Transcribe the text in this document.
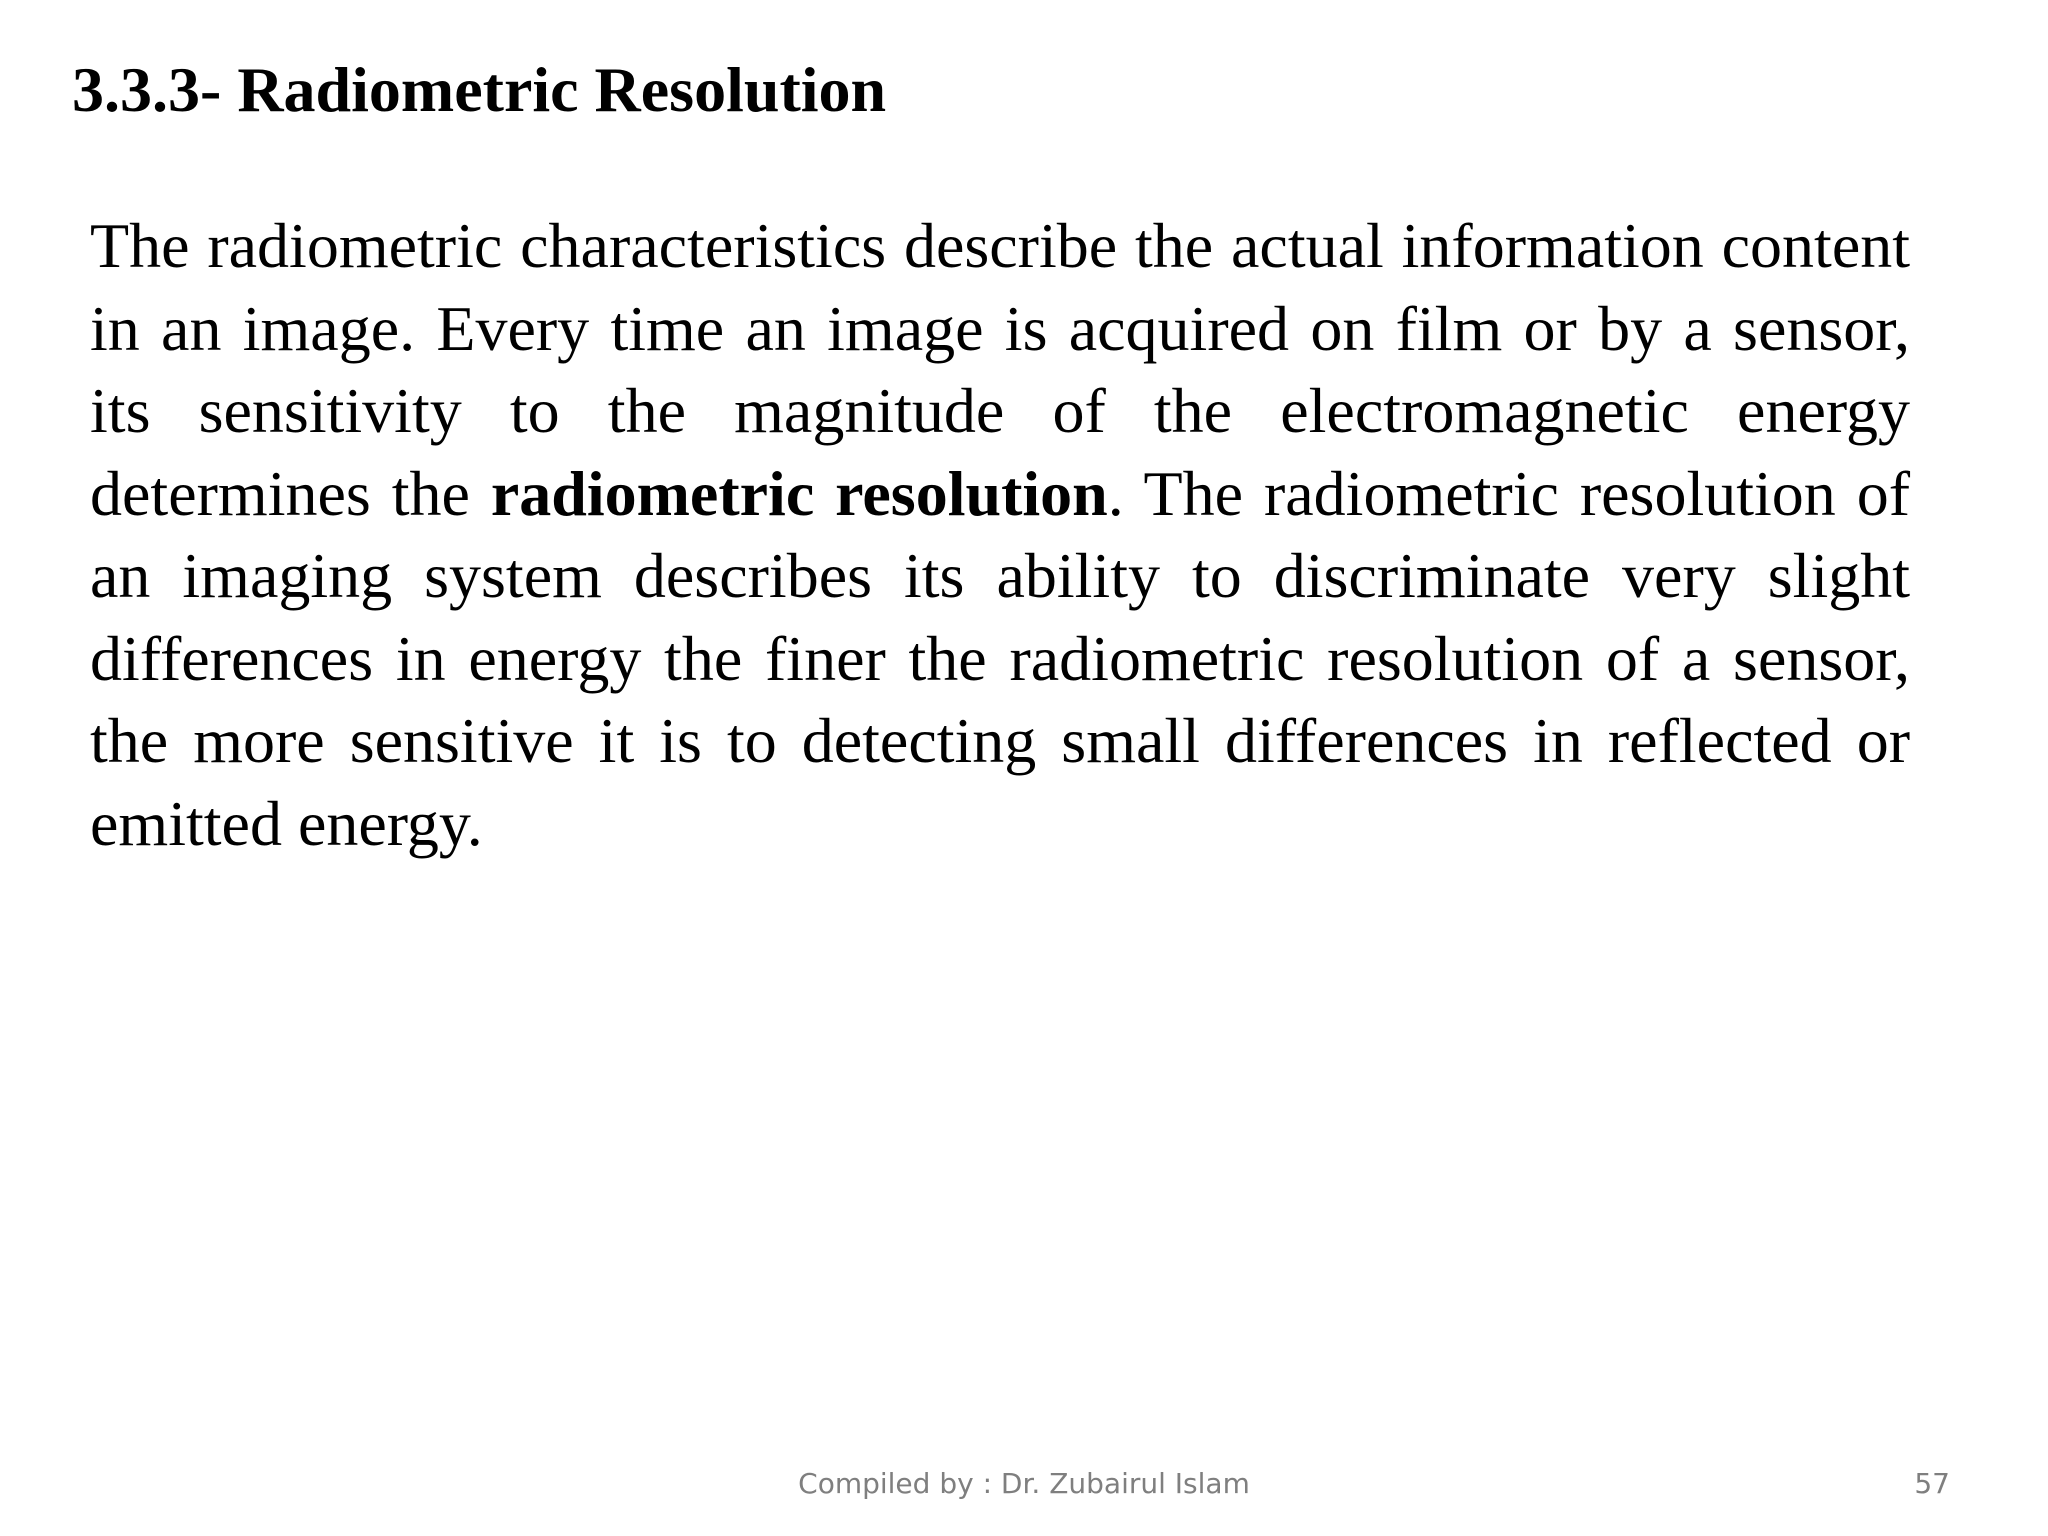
3.3.3- Radiometric Resolution

The radiometric characteristics describe the actual information content in an image. Every time an image is acquired on film or by a sensor, its sensitivity to the magnitude of the electromagnetic energy determines the radiometric resolution. The radiometric resolution of an imaging system describes its ability to discriminate very slight differences in energy the finer the radiometric resolution of a sensor, the more sensitive it is to detecting small differences in reflected or emitted energy.

Compiled by : Dr. Zubairul Islam	57
